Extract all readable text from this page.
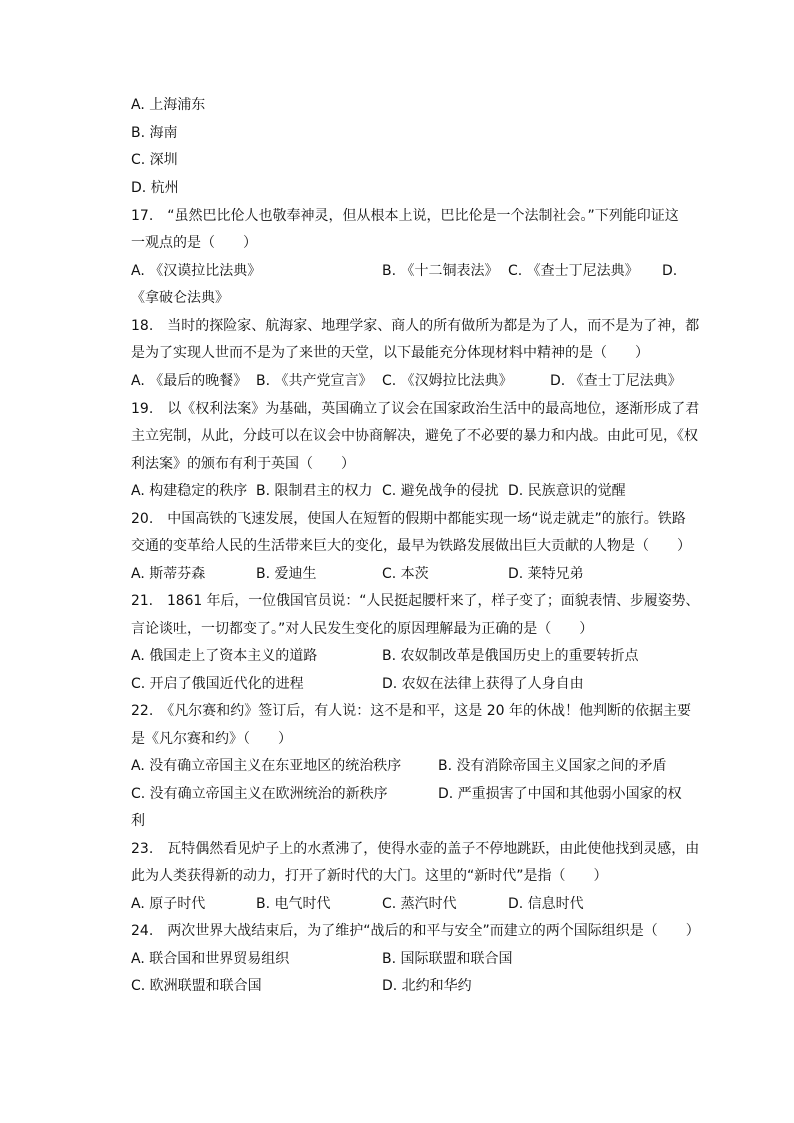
A. 上海浦东
B. 海南
C. 深圳
D. 杭州
17.　“虽然巴比伦人也敬奉神灵，但从根本上说，巴比伦是一个法制社会。”下列能印证这
一观点的是（　　）
A. 《汉谟拉比法典》	B. 《十二铜表法》 C. 《查士丁尼法典》 D.
《拿破仑法典》
18.　当时的探险家、航海家、地理学家、商人的所有做所为都是为了人，而不是为了神，都
是为了实现人世而不是为了来世的天堂，以下最能充分体现材料中精神的是（　　）
A. 《最后的晚餐》 B. 《共产党宣言》 C. 《汉姆拉比法典》	D. 《查士丁尼法典》
19.　以《权利法案》为基础，英国确立了议会在国家政治生活中的最高地位，逐渐形成了君
主立宪制，从此，分歧可以在议会中协商解决，避免了不必要的暴力和内战。由此可见，《权
利法案》的颁布有利于英国（　　）
A. 构建稳定的秩序 B. 限制君主的权力 C. 避免战争的侵扰 D. 民族意识的觉醒
20.　中国高铁的飞速发展，使国人在短暂的假期中都能实现一场“说走就走”的旅行。铁路
交通的变革给人民的生活带来巨大的变化，最早为铁路发展做出巨大贡献的人物是（　　）
A. 斯蒂芬森	B. 爱迪生	C. 本茨	D. 莱特兄弟
21.　1861 年后，一位俄国官员说：“人民挺起腰杆来了，样子变了；面貌表情、步履姿势、
言论谈吐，一切都变了。”对人民发生变化的原因理解最为正确的是（　　）
A. 俄国走上了资本主义的道路	B. 农奴制改革是俄国历史上的重要转折点
C. 开启了俄国近代化的进程	D. 农奴在法律上获得了人身自由
22.　《凡尔赛和约》签订后，有人说：这不是和平，这是 20 年的休战！他判断的依据主要
是《凡尔赛和约》（　　）
A. 没有确立帝国主义在东亚地区的统治秩序	B. 没有消除帝国主义国家之间的矛盾
C. 没有确立帝国主义在欧洲统治的新秩序	D. 严重损害了中国和其他弱小国家的权
利
23.　瓦特偶然看见炉子上的水煮沸了，使得水壶的盖子不停地跳跃，由此使他找到灵感，由
此为人类获得新的动力，打开了新时代的大门。这里的“新时代”是指（　　）
A. 原子时代	B. 电气时代	C. 蒸汽时代	D. 信息时代
24.　两次世界大战结束后，为了维护“战后的和平与安全”而建立的两个国际组织是（　　）
A. 联合国和世界贸易组织	B. 国际联盟和联合国
C. 欧洲联盟和联合国	D. 北约和华约
